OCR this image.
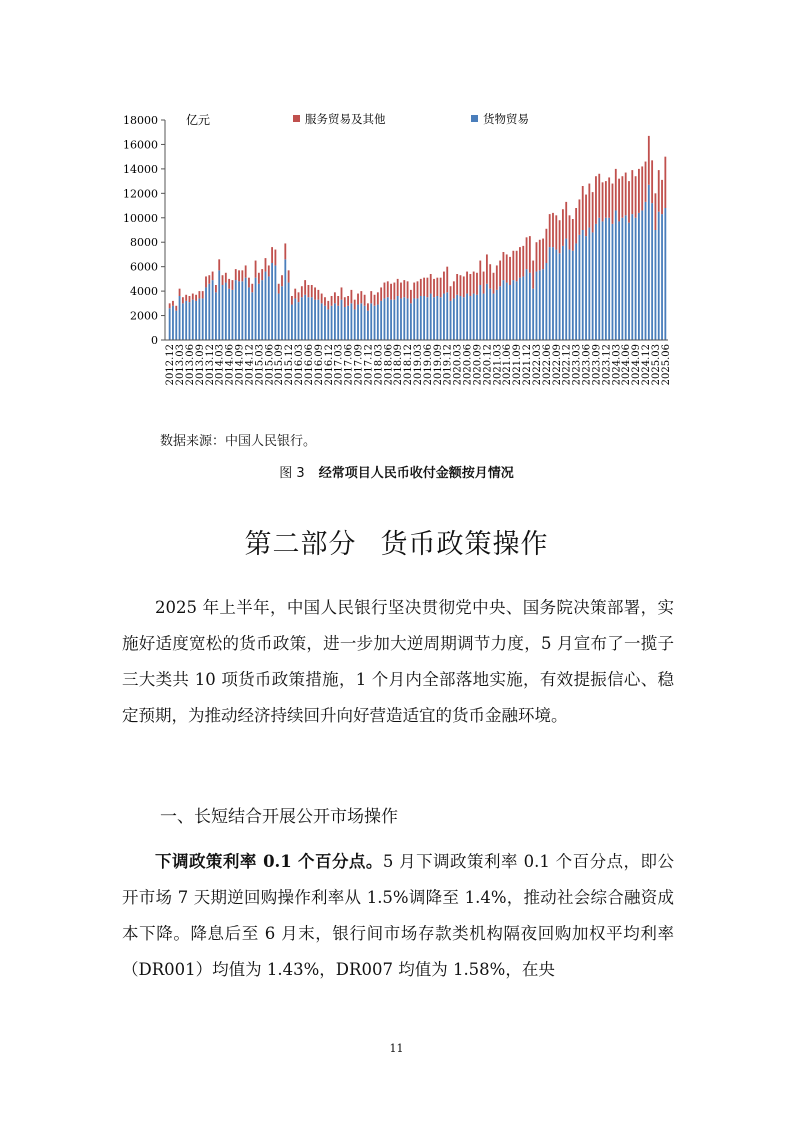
0
2000
4000
6000
8000
10000
12000
14000
16000
18000
2012.12
2013.03
2013.06
2013.09
2013.12
2014.03
2014.06
2014.09
2014.12
2015.03
2015.06
2015.09
2015.12
2016.03
2016.06
2016.09
2016.12
2017.03
2017.06
2017.09
2017.12
2018.03
2018.06
2018.09
2018.12
2019.03
2019.06
2019.09
2019.12
2020.03
2020.06
2020.09
2020.12
2021.03
2021.06
2021.09
2021.12
2022.03
2022.06
2022.09
2022.12
2023.03
2023.06
2023.09
2023.12
2024.03
2024.06
2024.09
2024.12
2025.03
2025.06
亿元	服务贸易及其他	货物贸易
数据来源：中国人民银行。
图 3 经常项目人民币收付金额按月情况
第二部分 货币政策操作

2025 年上半年，中国人民银行坚决贯彻党中央、国务院决策部署，实施好适度宽松的货币政策，进一步加大逆周期调节力度，5 月宣布了一揽子三大类共 10 项货币政策措施，1 个月内全部落地实施，有效提振信心、稳定预期，为推动经济持续回升向好营造适宜的货币金融环境。

一、长短结合开展公开市场操作

下调政策利率 0.1 个百分点。5 月下调政策利率 0.1 个百分点，即公开市场 7 天期逆回购操作利率从 1.5%调降至 1.4%，推动社会综合融资成本下降。降息后至 6 月末，银行间市场存款类机构隔夜回购加权平均利率（DR001）均值为 1.43%，DR007 均值为 1.58%，在央

11
